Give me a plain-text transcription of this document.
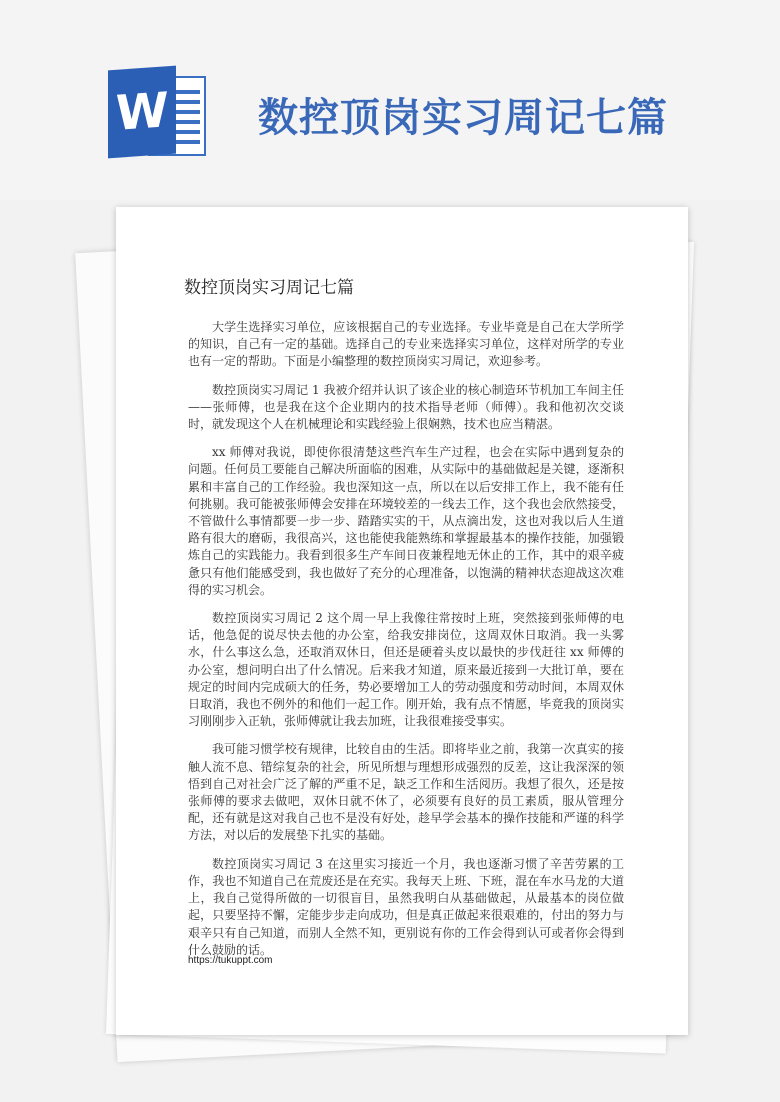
W 数控顶岗实习周记七篇
数控顶岗实习周记七篇

大学生选择实习单位，应该根据自己的专业选择。专业毕竟是自己在大学所学的知识，自己有一定的基础。选择自己的专业来选择实习单位，这样对所学的专业也有一定的帮助。下面是小编整理的数控顶岗实习周记，欢迎参考。

数控顶岗实习周记 1 我被介绍并认识了该企业的核心制造环节机加工车间主任——张师傅，也是我在这个企业期内的技术指导老师（师傅）。我和他初次交谈时，就发现这个人在机械理论和实践经验上很娴熟，技术也应当精湛。

xx 师傅对我说，即使你很清楚这些汽车生产过程，也会在实际中遇到复杂的问题。任何员工要能自己解决所面临的困难，从实际中的基础做起是关键，逐渐积累和丰富自己的工作经验。我也深知这一点，所以在以后安排工作上，我不能有任何挑剔。我可能被张师傅会安排在环境较差的一线去工作，这个我也会欣然接受，不管做什么事情都要一步一步、踏踏实实的干，从点滴出发，这也对我以后人生道路有很大的磨砺，我很高兴，这也能使我能熟练和掌握最基本的操作技能，加强锻炼自己的实践能力。我看到很多生产车间日夜兼程地无休止的工作，其中的艰辛疲惫只有他们能感受到，我也做好了充分的心理准备，以饱满的精神状态迎战这次难得的实习机会。

数控顶岗实习周记 2 这个周一早上我像往常按时上班，突然接到张师傅的电话，他急促的说尽快去他的办公室，给我安排岗位，这周双休日取消。我一头雾水，什么事这么急，还取消双休日，但还是硬着头皮以最快的步伐赶往 xx 师傅的办公室，想问明白出了什么情况。后来我才知道，原来最近接到一大批订单，要在规定的时间内完成硕大的任务，势必要增加工人的劳动强度和劳动时间，本周双休日取消，我也不例外的和他们一起工作。刚开始，我有点不情愿，毕竟我的顶岗实习刚刚步入正轨，张师傅就让我去加班，让我很难接受事实。

我可能习惯学校有规律，比较自由的生活。即将毕业之前，我第一次真实的接触人流不息、错综复杂的社会，所见所想与理想形成强烈的反差，这让我深深的领悟到自己对社会广泛了解的严重不足，缺乏工作和生活阅历。我想了很久，还是按张师傅的要求去做吧，双休日就不休了，必须要有良好的员工素质，服从管理分配，还有就是这对我自己也不是没有好处，趁早学会基本的操作技能和严谨的科学方法，对以后的发展垫下扎实的基础。

数控顶岗实习周记 3 在这里实习接近一个月，我也逐渐习惯了辛苦劳累的工作，我也不知道自己在荒废还是在充实。我每天上班、下班，混在车水马龙的大道上，我自己觉得所做的一切很盲目，虽然我明白从基础做起，从最基本的岗位做起，只要坚持不懈，定能步步走向成功，但是真正做起来很艰难的，付出的努力与艰辛只有自己知道，而别人全然不知，更别说有你的工作会得到认可或者你会得到什么鼓励的话。

https://tukuppt.com
